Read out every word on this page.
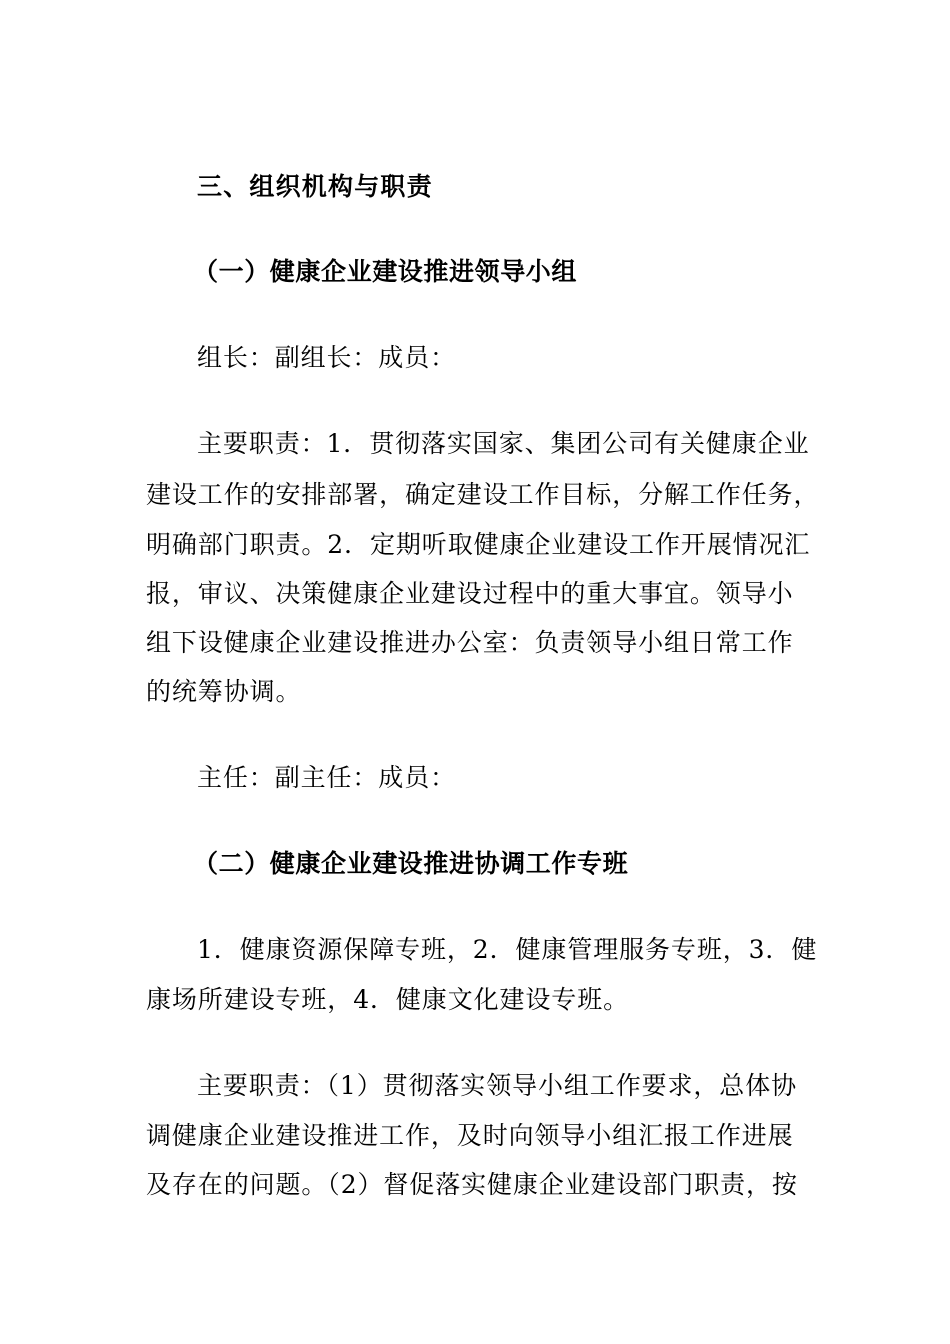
三、组织机构与职责
（一）健康企业建设推进领导小组
组长：副组长：成员：
主要职责：1．贯彻落实国家、集团公司有关健康企业
建设工作的安排部署，确定建设工作目标，分解工作任务，
明确部门职责。2．定期听取健康企业建设工作开展情况汇
报，审议、决策健康企业建设过程中的重大事宜。领导小
组下设健康企业建设推进办公室：负责领导小组日常工作
的统筹协调。
主任：副主任：成员：
（二）健康企业建设推进协调工作专班
1．健康资源保障专班，2．健康管理服务专班，3．健
康场所建设专班，4．健康文化建设专班。
主要职责：（1）贯彻落实领导小组工作要求，总体协
调健康企业建设推进工作，及时向领导小组汇报工作进展
及存在的问题。（2）督促落实健康企业建设部门职责，按
